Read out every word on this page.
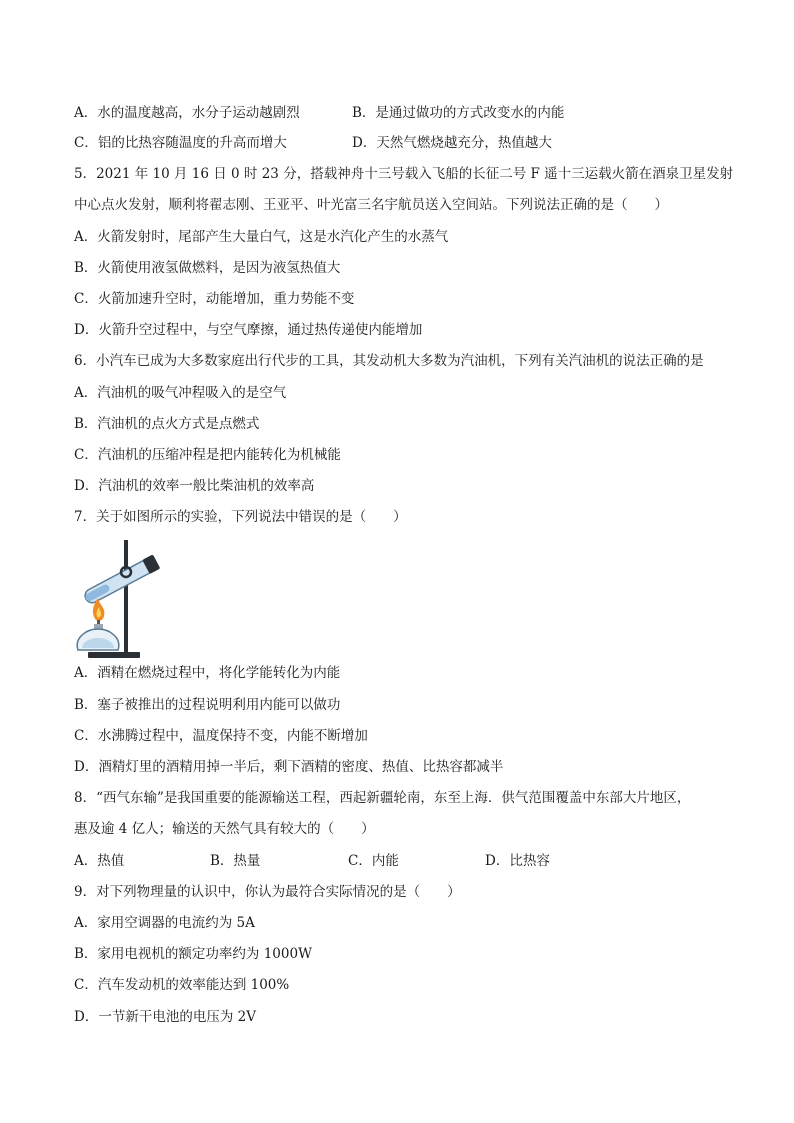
A．水的温度越高，水分子运动越剧烈	B．是通过做功的方式改变水的内能
C．铝的比热容随温度的升高而增大	D．天然气燃烧越充分，热值越大
5．2021 年 10 月 16 日 0 时 23 分，搭载神舟十三号载入飞船的长征二号 F 遥十三运载火箭在酒泉卫星发射
中心点火发射，顺利将翟志刚、王亚平、叶光富三名宇航员送入空间站。下列说法正确的是（　　）
A．火箭发射时，尾部产生大量白气，这是水汽化产生的水蒸气
B．火箭使用液氢做燃料，是因为液氢热值大
C．火箭加速升空时，动能增加，重力势能不变
D．火箭升空过程中，与空气摩擦，通过热传递使内能增加
6．小汽车已成为大多数家庭出行代步的工具，其发动机大多数为汽油机，下列有关汽油机的说法正确的是
A．汽油机的吸气冲程吸入的是空气
B．汽油机的点火方式是点燃式
C．汽油机的压缩冲程是把内能转化为机械能
D．汽油机的效率一般比柴油机的效率高
7．关于如图所示的实验，下列说法中错误的是（　　）
A．酒精在燃烧过程中，将化学能转化为内能
B．塞子被推出的过程说明利用内能可以做功
C．水沸腾过程中，温度保持不变，内能不断增加
D．酒精灯里的酒精用掉一半后，剩下酒精的密度、热值、比热容都减半
8．“西气东输”是我国重要的能源输送工程，西起新疆轮南，东至上海．供气范围覆盖中东部大片地区，
惠及逾 4 亿人；输送的天然气具有较大的（　　）
A．热值	B．热量	C．内能	D．比热容
9．对下列物理量的认识中，你认为最符合实际情况的是（　　）
A．家用空调器的电流约为 5A
B．家用电视机的额定功率约为 1000W
C．汽车发动机的效率能达到 100%
D．一节新干电池的电压为 2V
